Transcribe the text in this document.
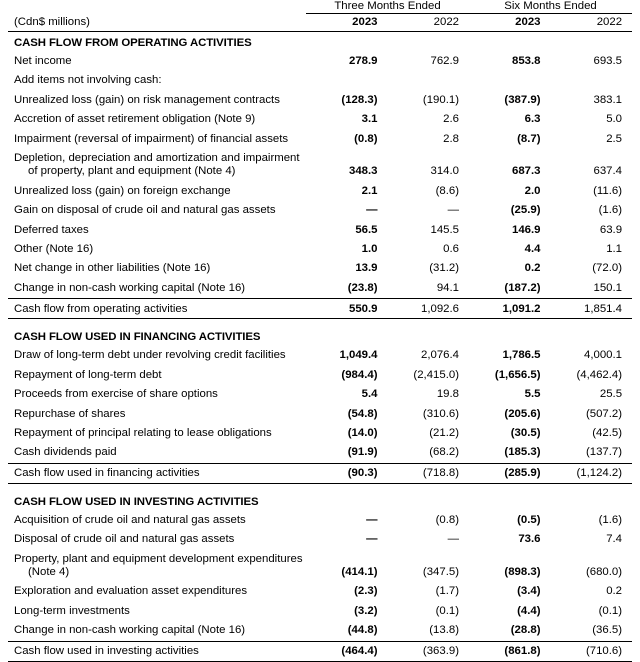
	Three Months Ended		Six Months Ended	
(Cdn$ millions)	2023	2022	2023	2022
CASH FLOW FROM OPERATING ACTIVITIES				

Net income	278.9	762.9	853.8	693.5

Add items not involving cash:				

Unrealized loss (gain) on risk management contracts	(128.3)	(190.1)	(387.9)	383.1

Accretion of asset retirement obligation (Note 9)	3.1	2.6	6.3	5.0

Impairment (reversal of impairment) of financial assets	(0.8)	2.8	(8.7)	2.5

Depletion, depreciation and amortization and impairment of property, plant and equipment (Note 4)	348.3	314.0	687.3	637.4

Unrealized loss (gain) on foreign exchange	2.1	(8.6)	2.0	(11.6)

Gain on disposal of crude oil and natural gas assets	—	—	(25.9)	(1.6)

Deferred taxes	56.5	145.5	146.9	63.9

Other (Note 16)	1.0	0.6	4.4	1.1

Net change in other liabilities (Note 16)	13.9	(31.2)	0.2	(72.0)

Change in non-cash working capital (Note 16)	(23.8)	94.1	(187.2)	150.1
Cash flow from operating activities	550.9	1,092.6	1,091.2	1,851.4

CASH FLOW USED IN FINANCING ACTIVITIES				

Draw of long-term debt under revolving credit facilities	1,049.4	2,076.4	1,786.5	4,000.1

Repayment of long-term debt	(984.4)	(2,415.0)	(1,656.5)	(4,462.4)

Proceeds from exercise of share options	5.4	19.8	5.5	25.5

Repurchase of shares	(54.8)	(310.6)	(205.6)	(507.2)

Repayment of principal relating to lease obligations	(14.0)	(21.2)	(30.5)	(42.5)

Cash dividends paid	(91.9)	(68.2)	(185.3)	(137.7)
Cash flow used in financing activities	(90.3)	(718.8)	(285.9)	(1,124.2)

CASH FLOW USED IN INVESTING ACTIVITIES				

Acquisition of crude oil and natural gas assets	—	(0.8)	(0.5)	(1.6)

Disposal of crude oil and natural gas assets	—	—	73.6	7.4

Property, plant and equipment development expenditures (Note 4)	(414.1)	(347.5)	(898.3)	(680.0)

Exploration and evaluation asset expenditures	(2.3)	(1.7)	(3.4)	0.2

Long-term investments	(3.2)	(0.1)	(4.4)	(0.1)

Change in non-cash working capital (Note 16)	(44.8)	(13.8)	(28.8)	(36.5)
Cash flow used in investing activities	(464.4)	(363.9)	(861.8)	(710.6)
